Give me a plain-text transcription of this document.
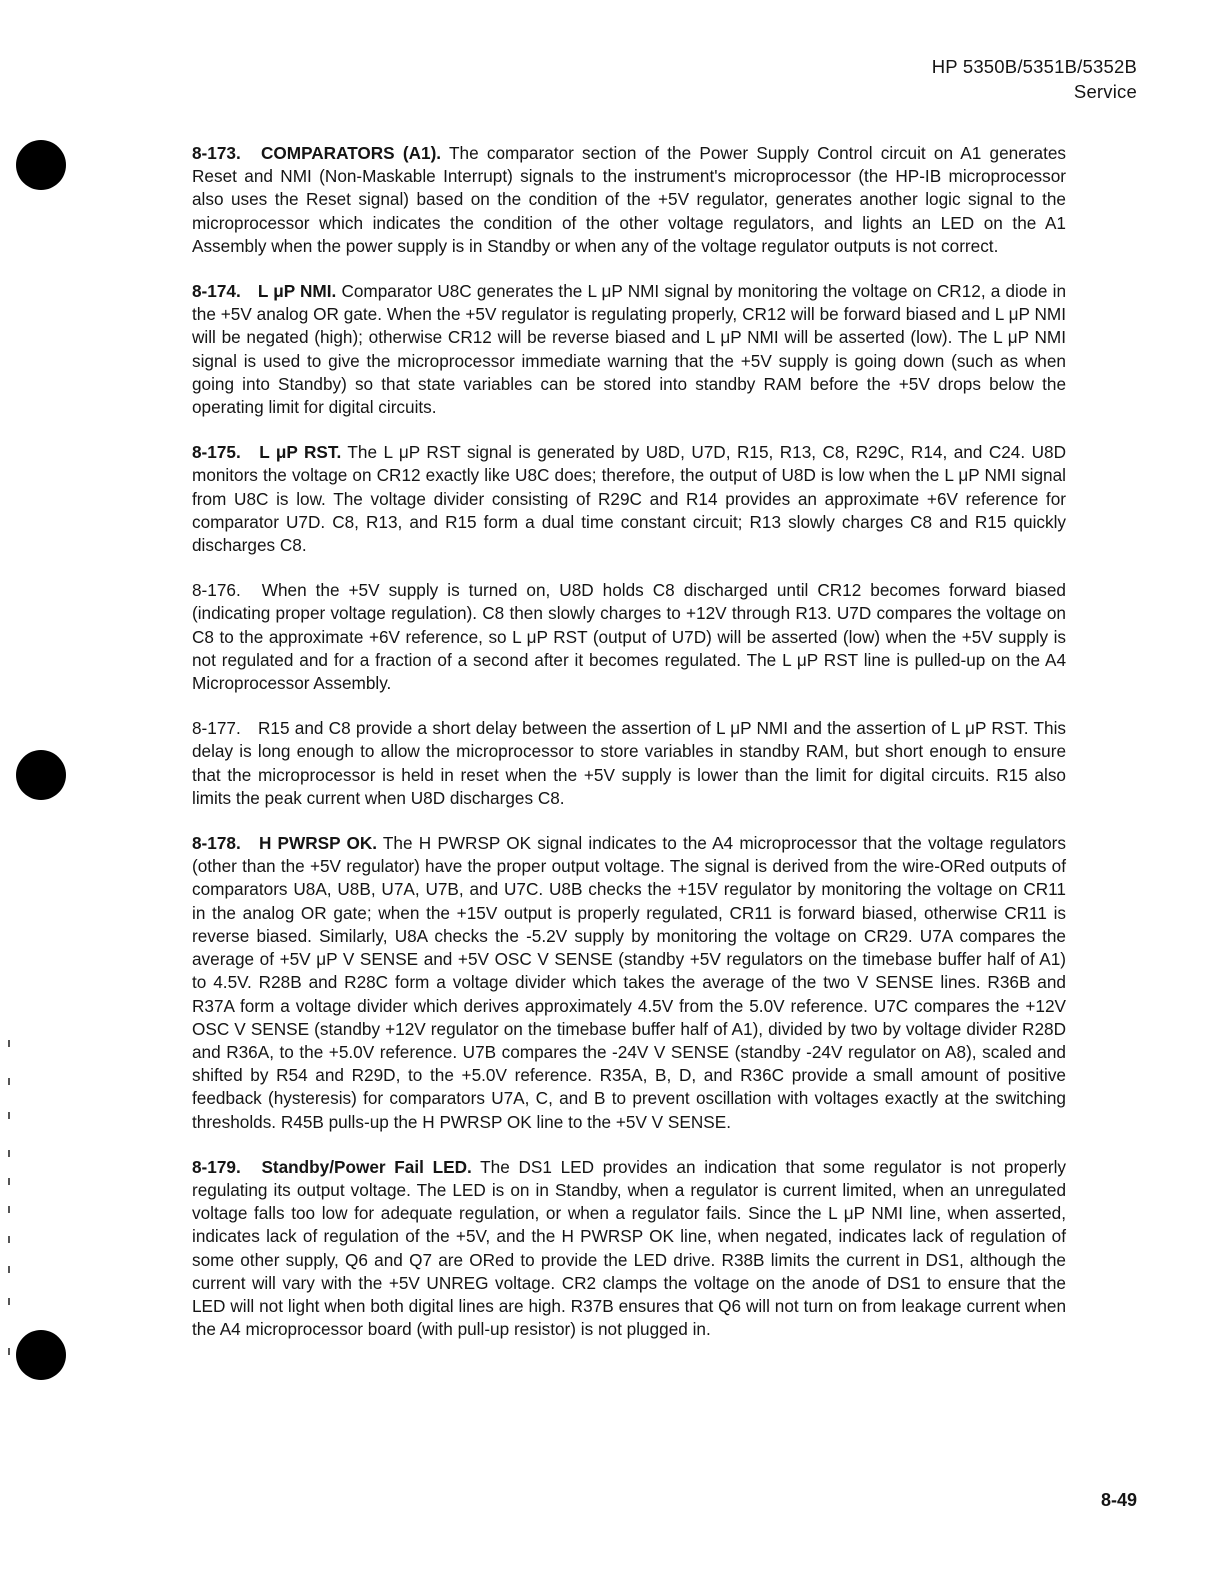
HP 5350B/5351B/5352B
Service

8-173. COMPARATORS (A1). The comparator section of the Power Supply Control circuit on A1 generates Reset and NMI (Non-Maskable Interrupt) signals to the instrument's microprocessor (the HP-IB microprocessor also uses the Reset signal) based on the condition of the +5V regulator, generates another logic signal to the microprocessor which indicates the condition of the other voltage regulators, and lights an LED on the A1 Assembly when the power supply is in Standby or when any of the voltage regulator outputs is not correct.

8-174. L μP NMI. Comparator U8C generates the L μP NMI signal by monitoring the voltage on CR12, a diode in the +5V analog OR gate. When the +5V regulator is regulating properly, CR12 will be forward biased and L μP NMI will be negated (high); otherwise CR12 will be reverse biased and L μP NMI will be asserted (low). The L μP NMI signal is used to give the microprocessor immediate warning that the +5V supply is going down (such as when going into Standby) so that state variables can be stored into standby RAM before the +5V drops below the operating limit for digital circuits.

8-175. L μP RST. The L μP RST signal is generated by U8D, U7D, R15, R13, C8, R29C, R14, and C24. U8D monitors the voltage on CR12 exactly like U8C does; therefore, the output of U8D is low when the L μP NMI signal from U8C is low. The voltage divider consisting of R29C and R14 provides an approximate +6V reference for comparator U7D. C8, R13, and R15 form a dual time constant circuit; R13 slowly charges C8 and R15 quickly discharges C8.

8-176. When the +5V supply is turned on, U8D holds C8 discharged until CR12 becomes forward biased (indicating proper voltage regulation). C8 then slowly charges to +12V through R13. U7D compares the voltage on C8 to the approximate +6V reference, so L μP RST (output of U7D) will be asserted (low) when the +5V supply is not regulated and for a fraction of a second after it becomes regulated. The L μP RST line is pulled-up on the A4 Microprocessor Assembly.

8-177. R15 and C8 provide a short delay between the assertion of L μP NMI and the assertion of L μP RST. This delay is long enough to allow the microprocessor to store variables in standby RAM, but short enough to ensure that the microprocessor is held in reset when the +5V supply is lower than the limit for digital circuits. R15 also limits the peak current when U8D discharges C8.

8-178. H PWRSP OK. The H PWRSP OK signal indicates to the A4 microprocessor that the voltage regulators (other than the +5V regulator) have the proper output voltage. The signal is derived from the wire-ORed outputs of comparators U8A, U8B, U7A, U7B, and U7C. U8B checks the +15V regulator by monitoring the voltage on CR11 in the analog OR gate; when the +15V output is properly regulated, CR11 is forward biased, otherwise CR11 is reverse biased. Similarly, U8A checks the -5.2V supply by monitoring the voltage on CR29. U7A compares the average of +5V μP V SENSE and +5V OSC V SENSE (standby +5V regulators on the timebase buffer half of A1) to 4.5V. R28B and R28C form a voltage divider which takes the average of the two V SENSE lines. R36B and R37A form a voltage divider which derives approximately 4.5V from the 5.0V reference. U7C compares the +12V OSC V SENSE (standby +12V regulator on the timebase buffer half of A1), divided by two by voltage divider R28D and R36A, to the +5.0V reference. U7B compares the -24V V SENSE (standby -24V regulator on A8), scaled and shifted by R54 and R29D, to the +5.0V reference. R35A, B, D, and R36C provide a small amount of positive feedback (hysteresis) for comparators U7A, C, and B to prevent oscillation with voltages exactly at the switching thresholds. R45B pulls-up the H PWRSP OK line to the +5V V SENSE.

8-179. Standby/Power Fail LED. The DS1 LED provides an indication that some regulator is not properly regulating its output voltage. The LED is on in Standby, when a regulator is current limited, when an unregulated voltage falls too low for adequate regulation, or when a regulator fails. Since the L μP NMI line, when asserted, indicates lack of regulation of the +5V, and the H PWRSP OK line, when negated, indicates lack of regulation of some other supply, Q6 and Q7 are ORed to provide the LED drive. R38B limits the current in DS1, although the current will vary with the +5V UNREG voltage. CR2 clamps the voltage on the anode of DS1 to ensure that the LED will not light when both digital lines are high. R37B ensures that Q6 will not turn on from leakage current when the A4 microprocessor board (with pull-up resistor) is not plugged in.

8-49
